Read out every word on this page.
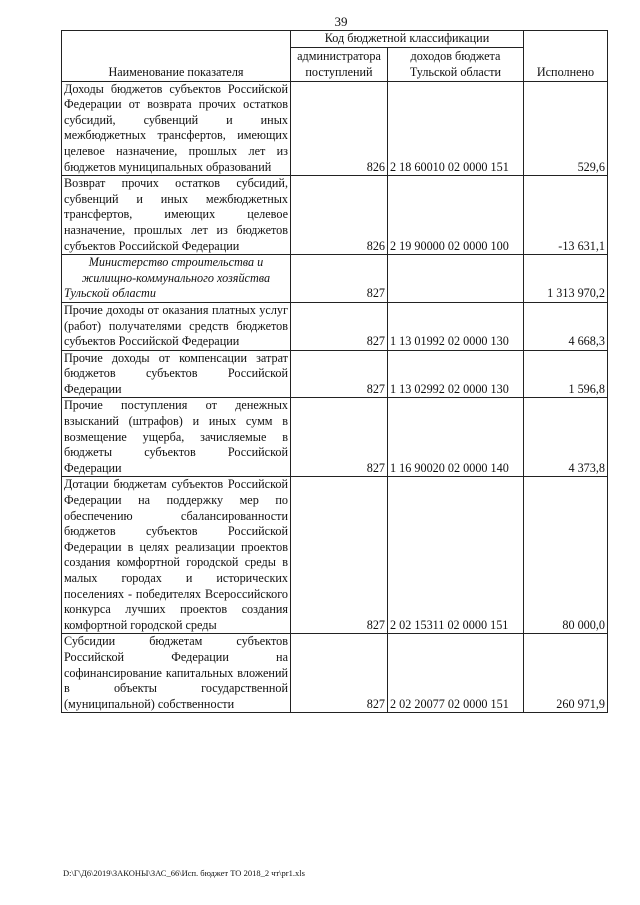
39
Наименование показателя	Код бюджетной классификации		Исполнено
	администратора поступлений	доходов бюджета Тульской области	
Доходы бюджетов субъектов Российской Федерации от возврата прочих остатков субсидий, субвенций и иных межбюджетных трансфертов, имеющих целевое назначение, прошлых лет из бюджетов муниципальных образований	826	2 18 60010 02 0000 151	529,6
Возврат прочих остатков субсидий, субвенций и иных межбюджетных трансфертов, имеющих целевое назначение, прошлых лет из бюджетов субъектов Российской Федерации	826	2 19 90000 02 0000 100	-13 631,1
Министерство строительства и жилищно-коммунального хозяйства Тульской области	827		1 313 970,2
Прочие доходы от оказания платных услуг (работ) получателями средств бюджетов субъектов Российской Федерации	827	1 13 01992 02 0000 130	4 668,3
Прочие доходы от компенсации затрат бюджетов субъектов Российской Федерации	827	1 13 02992 02 0000 130	1 596,8
Прочие поступления от денежных взысканий (штрафов) и иных сумм в возмещение ущерба, зачисляемые в бюджеты субъектов Российской Федерации	827	1 16 90020 02 0000 140	4 373,8
Дотации бюджетам субъектов Российской Федерации на поддержку мер по обеспечению сбалансированности бюджетов субъектов Российской Федерации в целях реализации проектов создания комфортной городской среды в малых городах и исторических поселениях - победителях Всероссийского конкурса лучших проектов создания комфортной городской среды	827	2 02 15311 02 0000 151	80 000,0
Субсидии бюджетам субъектов Российской Федерации на софинансирование капитальных вложений в объекты государственной (муниципальной) собственности	827	2 02 20077 02 0000 151	260 971,9
D:\Г\Д6\2019\ЗАКОНЫ\ЗАС_66\Исп. бюджет ТО 2018_2 чт\pr1.xls
